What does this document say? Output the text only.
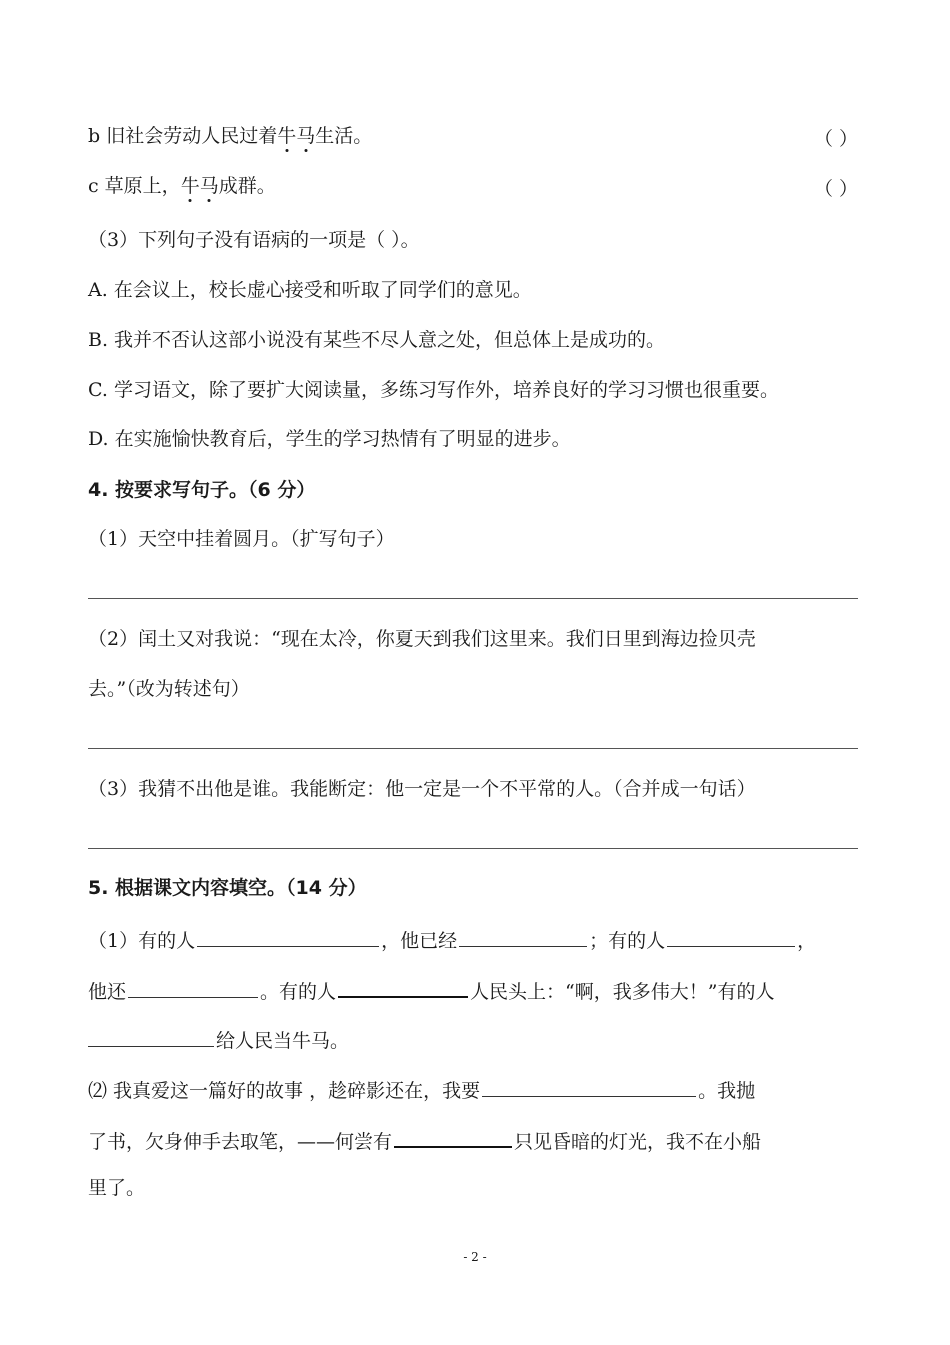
b 旧社会劳动人民过着牛马生活。	（ ）
c 草原上，牛马成群。	（ ）
（3）下列句子没有语病的一项是（ ）。
A. 在会议上，校长虚心接受和听取了同学们的意见。
B. 我并不否认这部小说没有某些不尽人意之处，但总体上是成功的。
C. 学习语文，除了要扩大阅读量，多练习写作外，培养良好的学习习惯也很重要。
D. 在实施愉快教育后，学生的学习热情有了明显的进步。
4. 按要求写句子。（6 分）
（1）天空中挂着圆月。（扩写句子）
（2）闰土又对我说：“现在太冷，你夏天到我们这里来。我们日里到海边捡贝壳
去。”（改为转述句）
（3）我猜不出他是谁。我能断定：他一定是一个不平常的人。（合并成一句话）
5. 根据课文内容填空。（14 分）
（1）有的人	，他已经	；有的人	，
他还	。有的人	人民头上：“啊，我多伟大！”有的人
给人民当牛马。
⑵ 我真爱这一篇好的故事 ，趁碎影还在，我要	。我抛
了书，欠身伸手去取笔，——何尝有	只见昏暗的灯光，我不在小船
里了。
- 2 -
